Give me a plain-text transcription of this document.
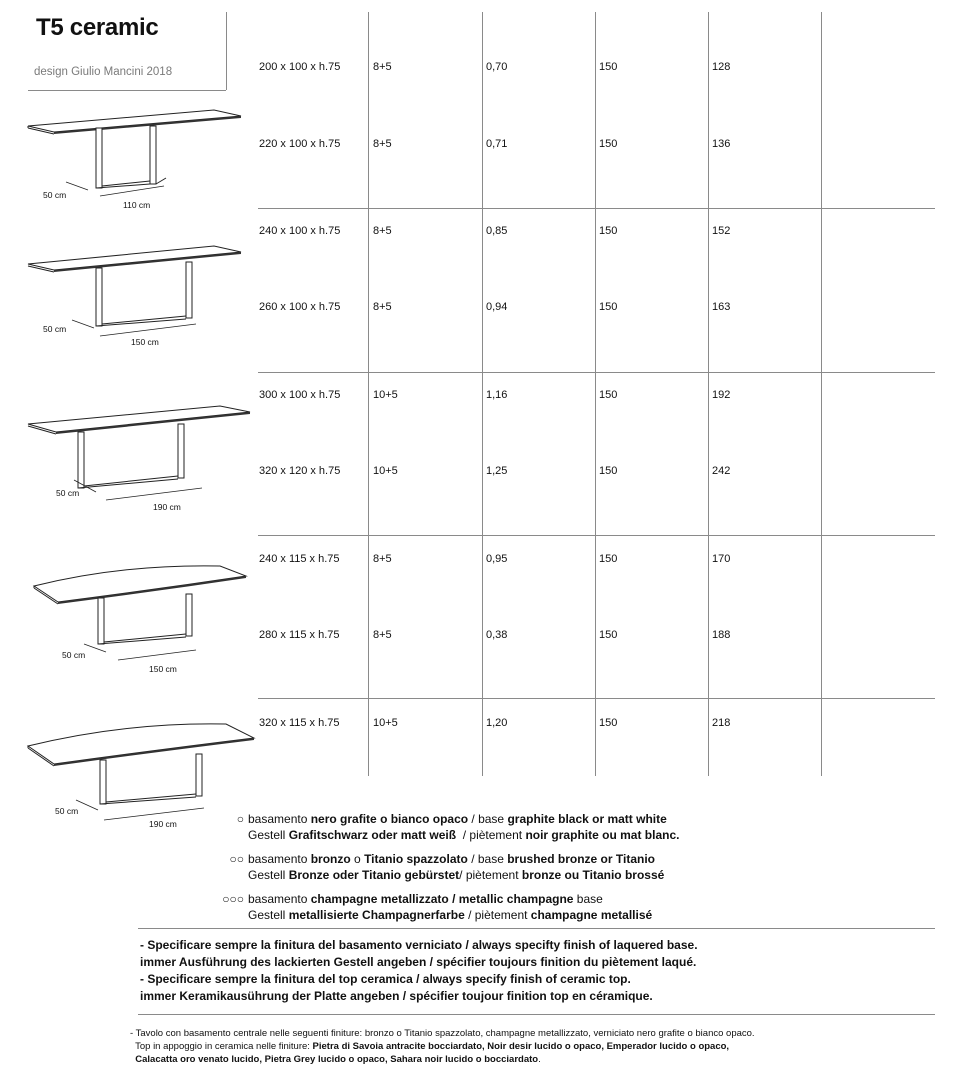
T5 ceramic
design Giulio Mancini 2018	200 x 100 x h.75	8+5	0,70	150	128
220 x 100 x h.75	8+5	0,71	150	136
240 x 100 x h.75	8+5	0,85	150	152
260 x 100 x h.75	8+5	0,94	150	163
300 x 100 x h.75	10+5	1,16	150	192
320 x 120 x h.75	10+5	1,25	150	242
240 x 115 x h.75	8+5	0,95	150	170
280 x 115 x h.75	8+5	0,38	150	188
320 x 115 x h.75	10+5	1,20	150	218
50 cm
110 cm
50 cm
150 cm
50 cm
190 cm
50 cm
150 cm
50 cm
190 cm	○ basamento nero grafite o bianco opaco / base graphite black or matt white
Gestell Grafitschwarz oder matt weiß  / piètement noir graphite ou mat blanc.
○○ basamento bronzo o Titanio spazzolato / base brushed bronze or Titanio
Gestell Bronze oder Titanio gebürstet/ piètement bronze ou Titanio brossé
○○○ basamento champagne metallizzato / metallic champagne base
Gestell metallisierte Champagnerfarbe / piètement champagne metallisé
- Specificare sempre la finitura del basamento verniciato / always specifty finish of laquered base.
immer Ausführung des lackierten Gestell angeben / spécifier toujours finition du piètement laqué.
- Specificare sempre la finitura del top ceramica / always specify finish of ceramic top.
immer Keramikausührung der Platte angeben / spécifier toujour finition top en céramique.
- Tavolo con basamento centrale nelle seguenti finiture: bronzo o Titanio spazzolato, champagne metallizzato, verniciato nero grafite o bianco opaco.
Top in appoggio in ceramica nelle finiture: Pietra di Savoia antracite bocciardato, Noir desir lucido o opaco, Emperador lucido o opaco,
Calacatta oro venato lucido, Pietra Grey lucido o opaco, Sahara noir lucido o bocciardato.
